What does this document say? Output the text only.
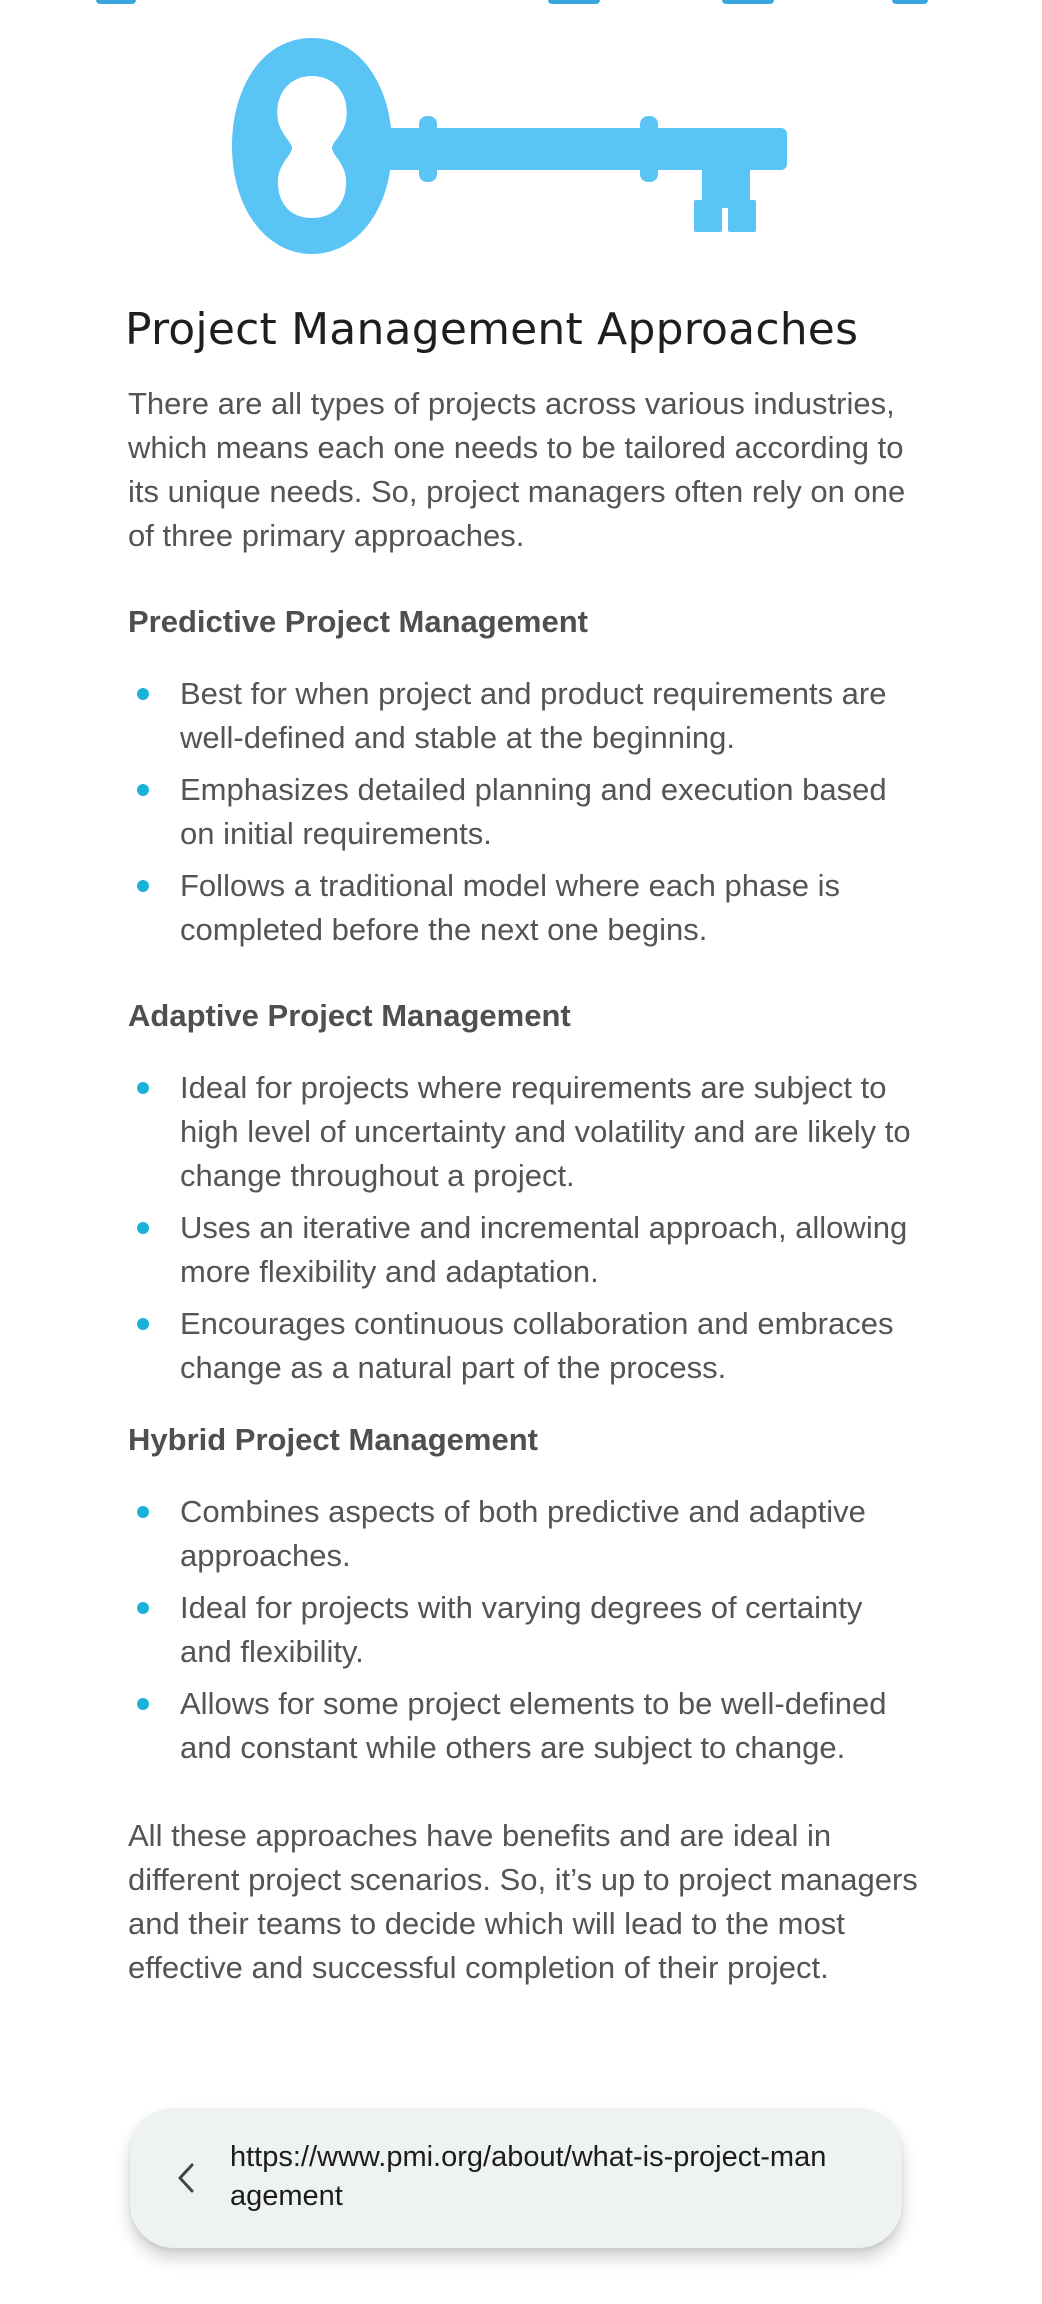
Project Management Approaches

There are all types of projects across various industries, which means each one needs to be tailored according to its unique needs. So, project managers often rely on one of three primary approaches.

Predictive Project Management
Best for when project and product requirements are well-defined and stable at the beginning.
Emphasizes detailed planning and execution based on initial requirements.
Follows a traditional model where each phase is completed before the next one begins.
Adaptive Project Management
Ideal for projects where requirements are subject to high level of uncertainty and volatility and are likely to change throughout a project.
Uses an iterative and incremental approach, allowing more flexibility and adaptation.
Encourages continuous collaboration and embraces change as a natural part of the process.
Hybrid Project Management
Combines aspects of both predictive and adaptive approaches.
Ideal for projects with varying degrees of certainty and flexibility.
Allows for some project elements to be well-defined and constant while others are subject to change.

All these approaches have benefits and are ideal in different project scenarios. So, it’s up to project managers and their teams to decide which will lead to the most effective and successful completion of their project.

https://www.pmi.org/about/what-is-project-management
